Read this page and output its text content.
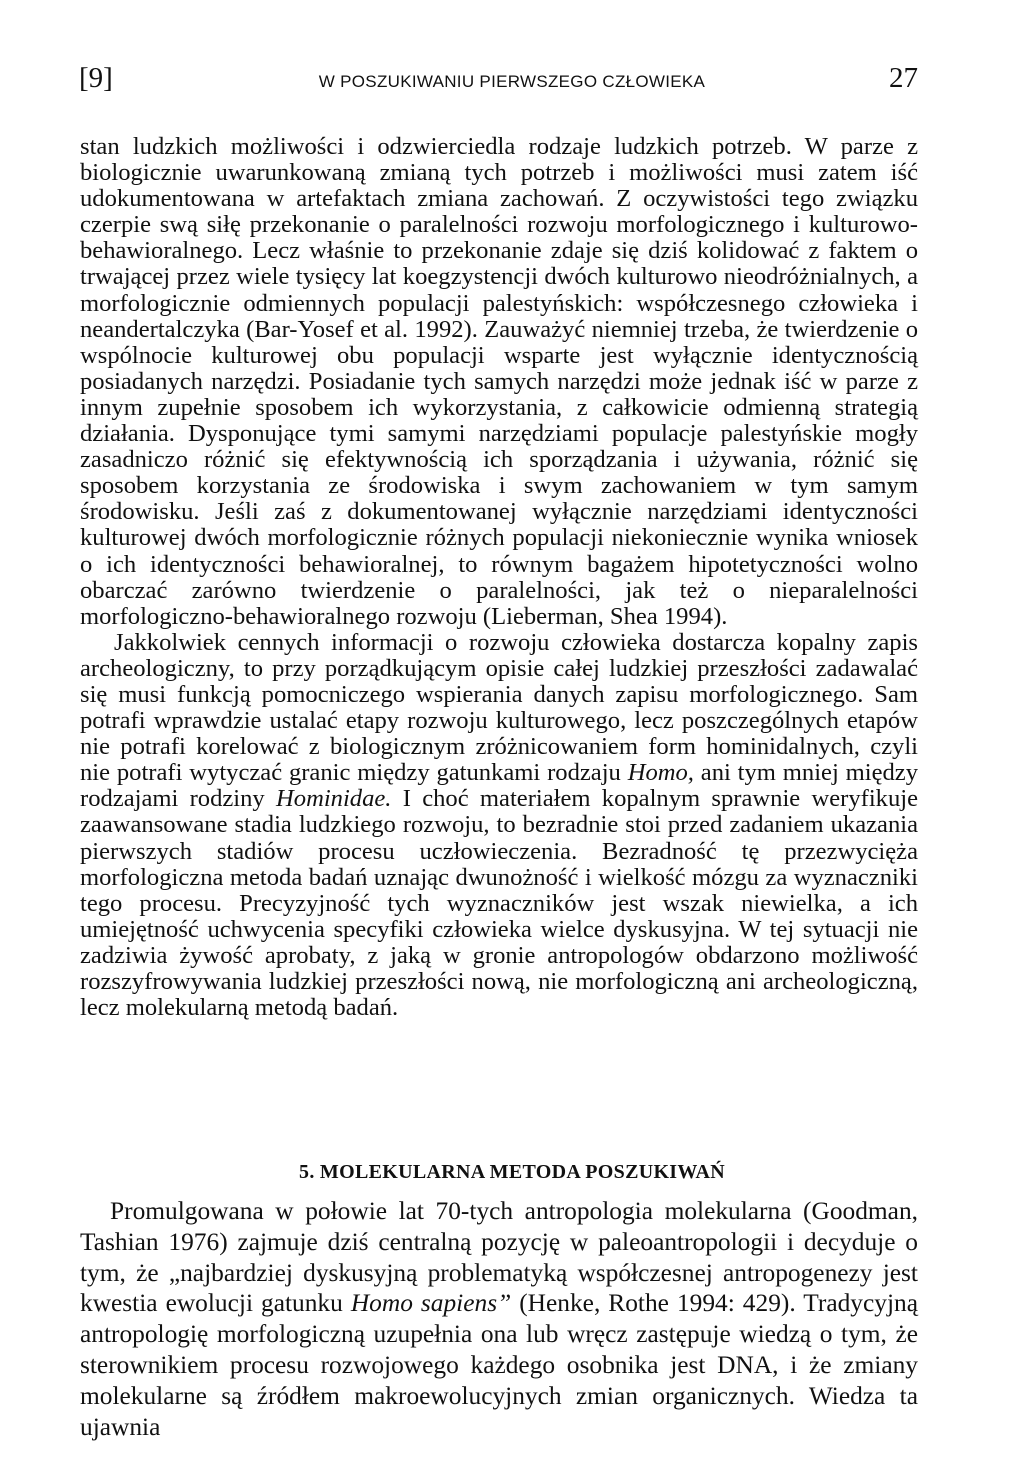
[9]	W POSZUKIWANIU PIERWSZEGO CZŁOWIEKA	27

stan ludzkich możliwości i odzwierciedla rodzaje ludzkich potrzeb. W parze z biologicznie uwarunkowaną zmianą tych potrzeb i możliwości musi zatem iść udokumentowana w artefaktach zmiana zachowań. Z oczywistości tego związku czerpie swą siłę przekonanie o paralelności rozwoju morfologicznego i kulturowo-behawioralnego. Lecz właśnie to przekonanie zdaje się dziś kolidować z faktem o trwającej przez wiele tysięcy lat koegzystencji dwóch kulturowo nieodróżnialnych, a morfologicznie odmiennych populacji palestyńskich: współczesnego człowieka i neandertalczyka (Bar-Yosef et al. 1992). Zauważyć niemniej trzeba, że twierdzenie o wspólnocie kulturowej obu populacji wsparte jest wyłącznie identycznością posiadanych narzędzi. Posiadanie tych samych narzędzi może jednak iść w parze z innym zupełnie sposobem ich wykorzystania, z całkowicie odmienną strategią działania. Dysponujące tymi samymi narzędziami populacje palestyńskie mogły zasadniczo różnić się efektywnością ich sporządzania i używania, różnić się sposobem korzystania ze środowiska i swym zachowaniem w tym samym środowisku. Jeśli zaś z dokumentowanej wyłącznie narzędziami identyczności kulturowej dwóch morfologicznie różnych populacji niekoniecznie wynika wniosek o ich identyczności behawioralnej, to równym bagażem hipotetyczności wolno obarczać zarówno twierdzenie o paralelności, jak też o nieparalelności morfologiczno-behawioralnego rozwoju (Lieberman, Shea 1994).

Jakkolwiek cennych informacji o rozwoju człowieka dostarcza kopalny zapis archeologiczny, to przy porządkującym opisie całej ludzkiej przeszłości zadawalać się musi funkcją pomocniczego wspierania danych zapisu morfologicznego. Sam potrafi wprawdzie ustalać etapy rozwoju kulturowego, lecz poszczególnych etapów nie potrafi korelować z biologicznym zróżnicowaniem form hominidalnych, czyli nie potrafi wytyczać granic między gatunkami rodzaju Homo, ani tym mniej między rodzajami rodziny Hominidae. I choć materiałem kopalnym sprawnie weryfikuje zaawansowane stadia ludzkiego rozwoju, to bezradnie stoi przed zadaniem ukazania pierwszych stadiów procesu uczłowieczenia. Bezradność tę przezwycięża morfologiczna metoda badań uznając dwunożność i wielkość mózgu za wyznaczniki tego procesu. Precyzyjność tych wyznaczników jest wszak niewielka, a ich umiejętność uchwycenia specyfiki człowieka wielce dyskusyjna. W tej sytuacji nie zadziwia żywość aprobaty, z jaką w gronie antropologów obdarzono możliwość rozszyfrowywania ludzkiej przeszłości nową, nie morfologiczną ani archeologiczną, lecz molekularną metodą badań.

5. MOLEKULARNA METODA POSZUKIWAŃ

Promulgowana w połowie lat 70-tych antropologia molekularna (Goodman, Tashian 1976) zajmuje dziś centralną pozycję w paleoantropologii i decyduje o tym, że „najbardziej dyskusyjną problematyką współczesnej antropogenezy jest kwestia ewolucji gatunku Homo sapiens” (Henke, Rothe 1994: 429). Tradycyjną antropologię morfologiczną uzupełnia ona lub wręcz zastępuje wiedzą o tym, że sterownikiem procesu rozwojowego każdego osobnika jest DNA, i że zmiany molekularne są źródłem makroewolucyjnych zmian organicznych. Wiedza ta ujawnia
